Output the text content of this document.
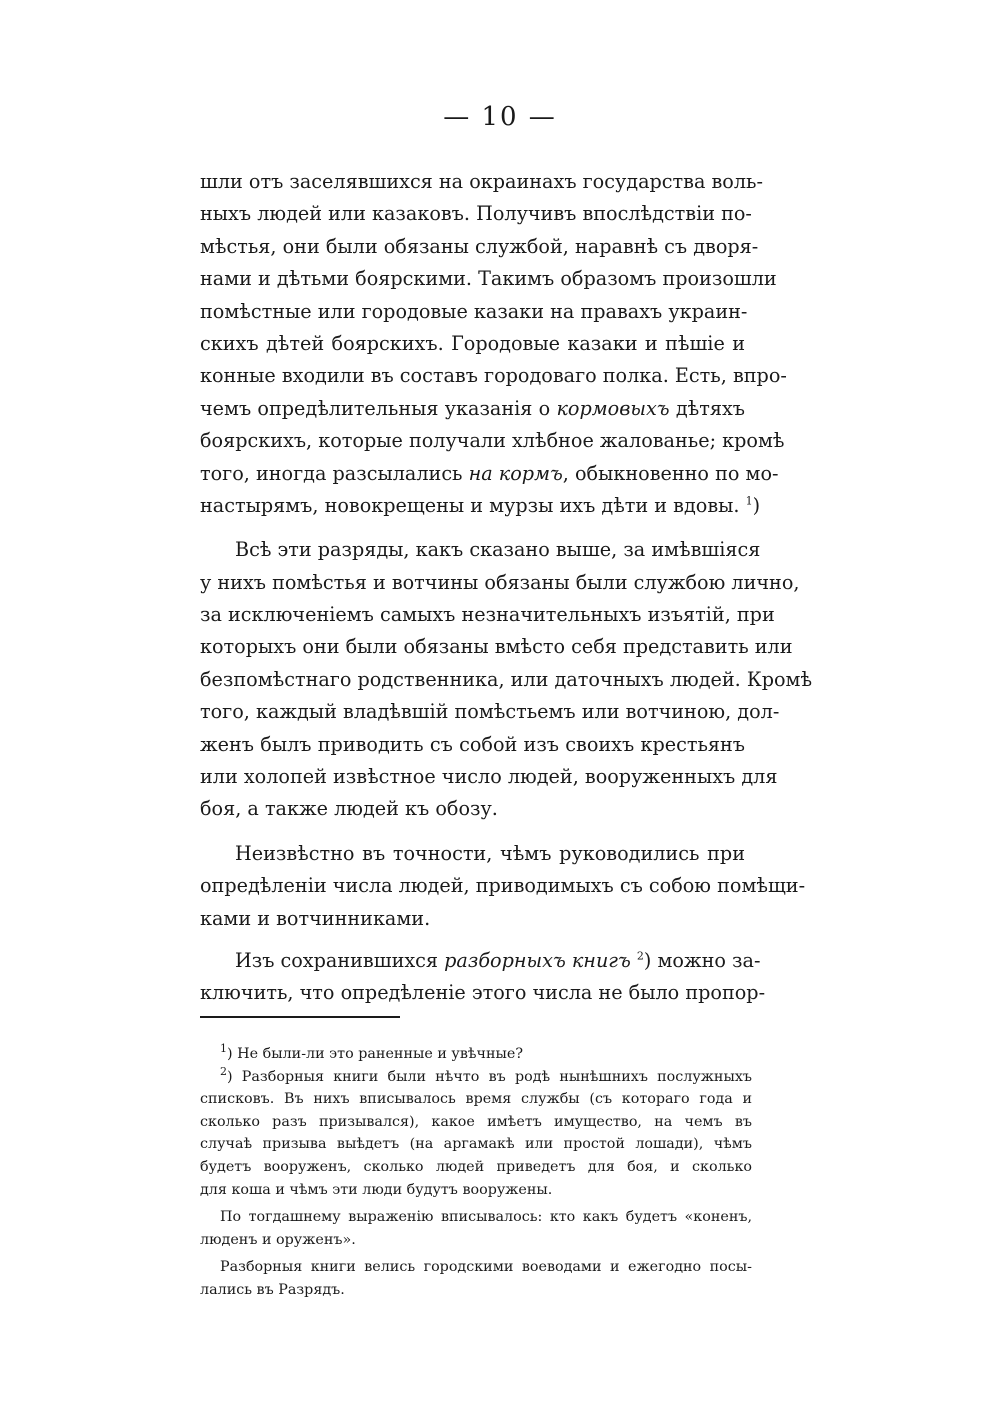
— 10 —
шли отъ заселявшихся на окраинахъ государства воль-
ныхъ людей или казаковъ. Получивъ впослѣдствіи по-
мѣстья, они были обязаны службой, наравнѣ съ дворя-
нами и дѣтьми боярскими. Такимъ образомъ произошли
помѣстные или городовые казаки на правахъ украин-
скихъ дѣтей боярскихъ. Городовые казаки и пѣшіе и
конные входили въ составъ городоваго полка. Есть, впро-
чемъ опредѣлительныя указанія о кормовыхъ дѣтяхъ
боярскихъ, которые получали хлѣбное жалованье; кромѣ
того, иногда разсылались на кормъ, обыкновенно по мо-
настырямъ, новокрещены и мурзы ихъ дѣти и вдовы. $^1$)
Всѣ эти разряды, какъ сказано выше, за имѣвшіяся
у нихъ помѣстья и вотчины обязаны были службою лично,
за исключеніемъ самыхъ незначительныхъ изъятій, при
которыхъ они были обязаны вмѣсто себя представить или
безпомѣстнаго родственника, или даточныхъ людей. Кромѣ
того, каждый владѣвшій помѣстьемъ или вотчиною, дол-
женъ былъ приводить съ собой изъ своихъ крестьянъ
или холопей извѣстное число людей, вооруженныхъ для
боя, а также людей къ обозу.
Неизвѣстно въ точности, чѣмъ руководились при
опредѣленіи числа людей, приводимыхъ съ собою помѣщи-
ками и вотчинниками.
Изъ сохранившихся разборныхъ книгъ $^2$) можно за-
ключить, что опредѣленіе этого числа не было пропор-
$^1$) Не были-ли это раненные и увѣчные?
$^2$) Разборныя книги были нѣчто въ родѣ нынѣшнихъ послужныхъ
списковъ. Въ нихъ вписывалось время службы (съ котораго года и
сколько разъ призывался), какое имѣетъ имущество, на чемъ въ
случаѣ призыва выѣдетъ (на аргамакѣ или простой лошади), чѣмъ
будетъ вооруженъ, сколько людей приведетъ для боя, и сколько
для коша и чѣмъ эти люди будутъ вооружены.
По тогдашнему выраженію вписывалось: кто какъ будетъ «коненъ,
люденъ и оруженъ».
Разборныя книги велись городскими воеводами и ежегодно посы-
лались въ Разрядъ.
